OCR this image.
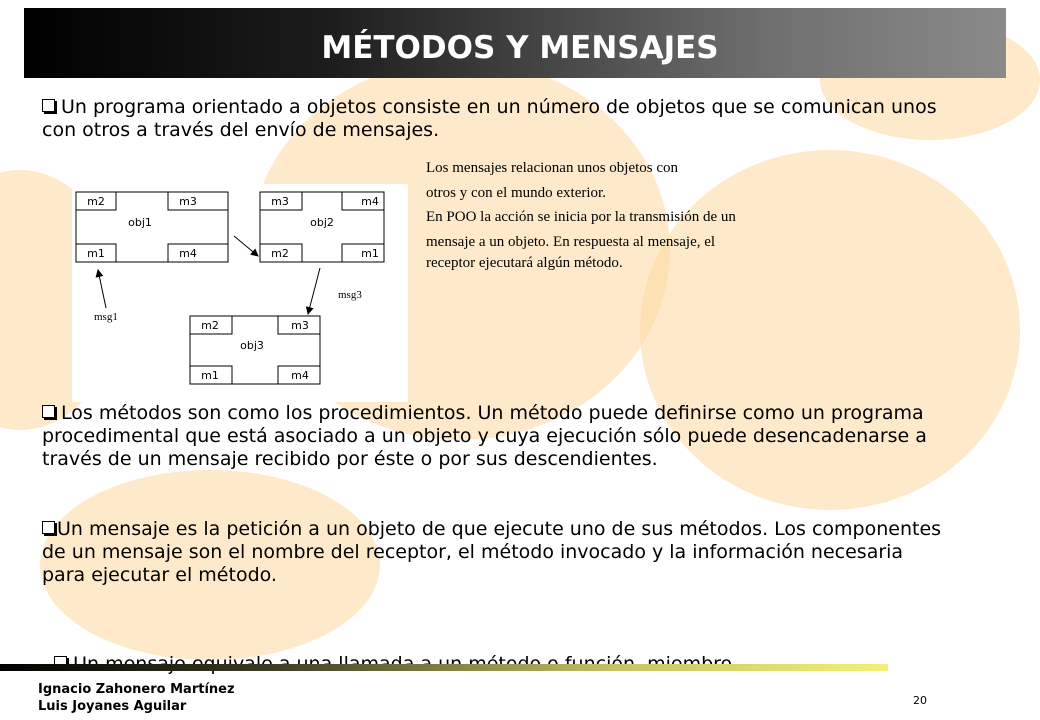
MÉTODOS Y MENSAJES
Un programa orientado a objetos consiste en un número de objetos que se comunican unos con otros a través del envío de mensajes.
Los mensajes relacionan unos objetos con
otros y con el mundo exterior.
En POO la acción se inicia por la transmisión de un
mensaje a un objeto. En respuesta al mensaje, el
receptor ejecutará algún método.
m2	m3
m1	m4
obj1
m3	m4
m2	m1
obj2
m2	m3
m1	m4
obj3
msg1
msg3
Los métodos son como los procedimientos. Un método puede definirse como un programa procedimental que está asociado a un objeto y cuya ejecución sólo puede desencadenarse a través de un mensaje recibido por éste o por sus descendientes.
Un mensaje es la petición a un objeto de que ejecute uno de sus métodos. Los componentes de un mensaje son el nombre del receptor, el método invocado y la información necesaria para ejecutar el método.

Ignacio Zahonero Martínez
Luis Joyanes Aguilar	20
